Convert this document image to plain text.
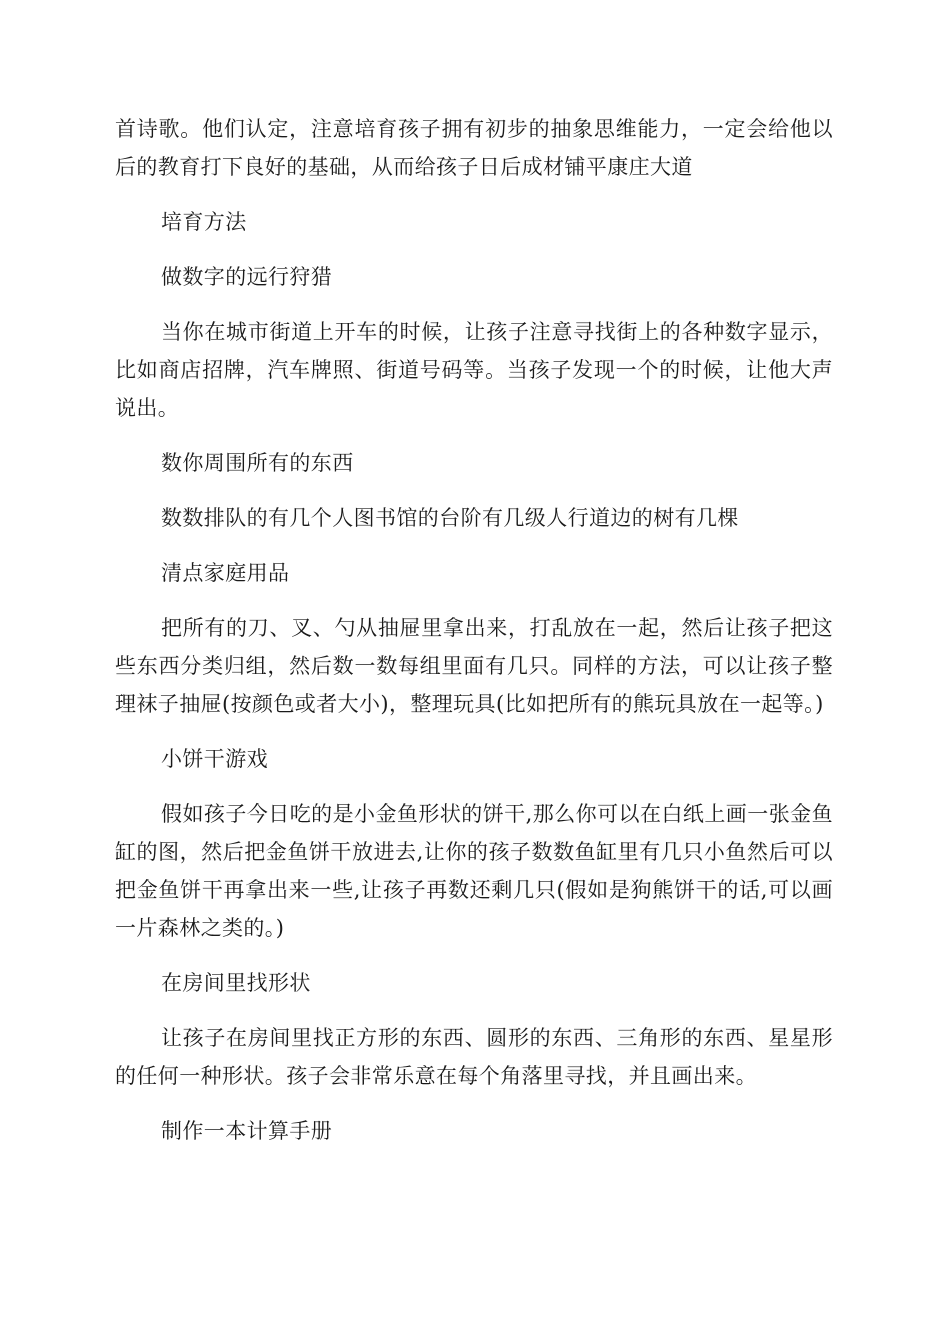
首诗歌。他们认定，注意培育孩子拥有初步的抽象思维能力，一定会给他以后的教育打下良好的基础，从而给孩子日后成材铺平康庄大道

培育方法

做数字的远行狩猎

当你在城市街道上开车的时候，让孩子注意寻找街上的各种数字显示，比如商店招牌，汽车牌照、街道号码等。当孩子发现一个的时候，让他大声说出。

数你周围所有的东西

数数排队的有几个人图书馆的台阶有几级人行道边的树有几棵

清点家庭用品

把所有的刀、叉、勺从抽屉里拿出来，打乱放在一起，然后让孩子把这些东西分类归组，然后数一数每组里面有几只。同样的方法，可以让孩子整理袜子抽屉(按颜色或者大小)，整理玩具(比如把所有的熊玩具放在一起等。)

小饼干游戏

假如孩子今日吃的是小金鱼形状的饼干,那么你可以在白纸上画一张金鱼缸的图，然后把金鱼饼干放进去,让你的孩子数数鱼缸里有几只小鱼然后可以把金鱼饼干再拿出来一些,让孩子再数还剩几只(假如是狗熊饼干的话,可以画一片森林之类的。)

在房间里找形状

让孩子在房间里找正方形的东西、圆形的东西、三角形的东西、星星形的任何一种形状。孩子会非常乐意在每个角落里寻找，并且画出来。

制作一本计算手册
